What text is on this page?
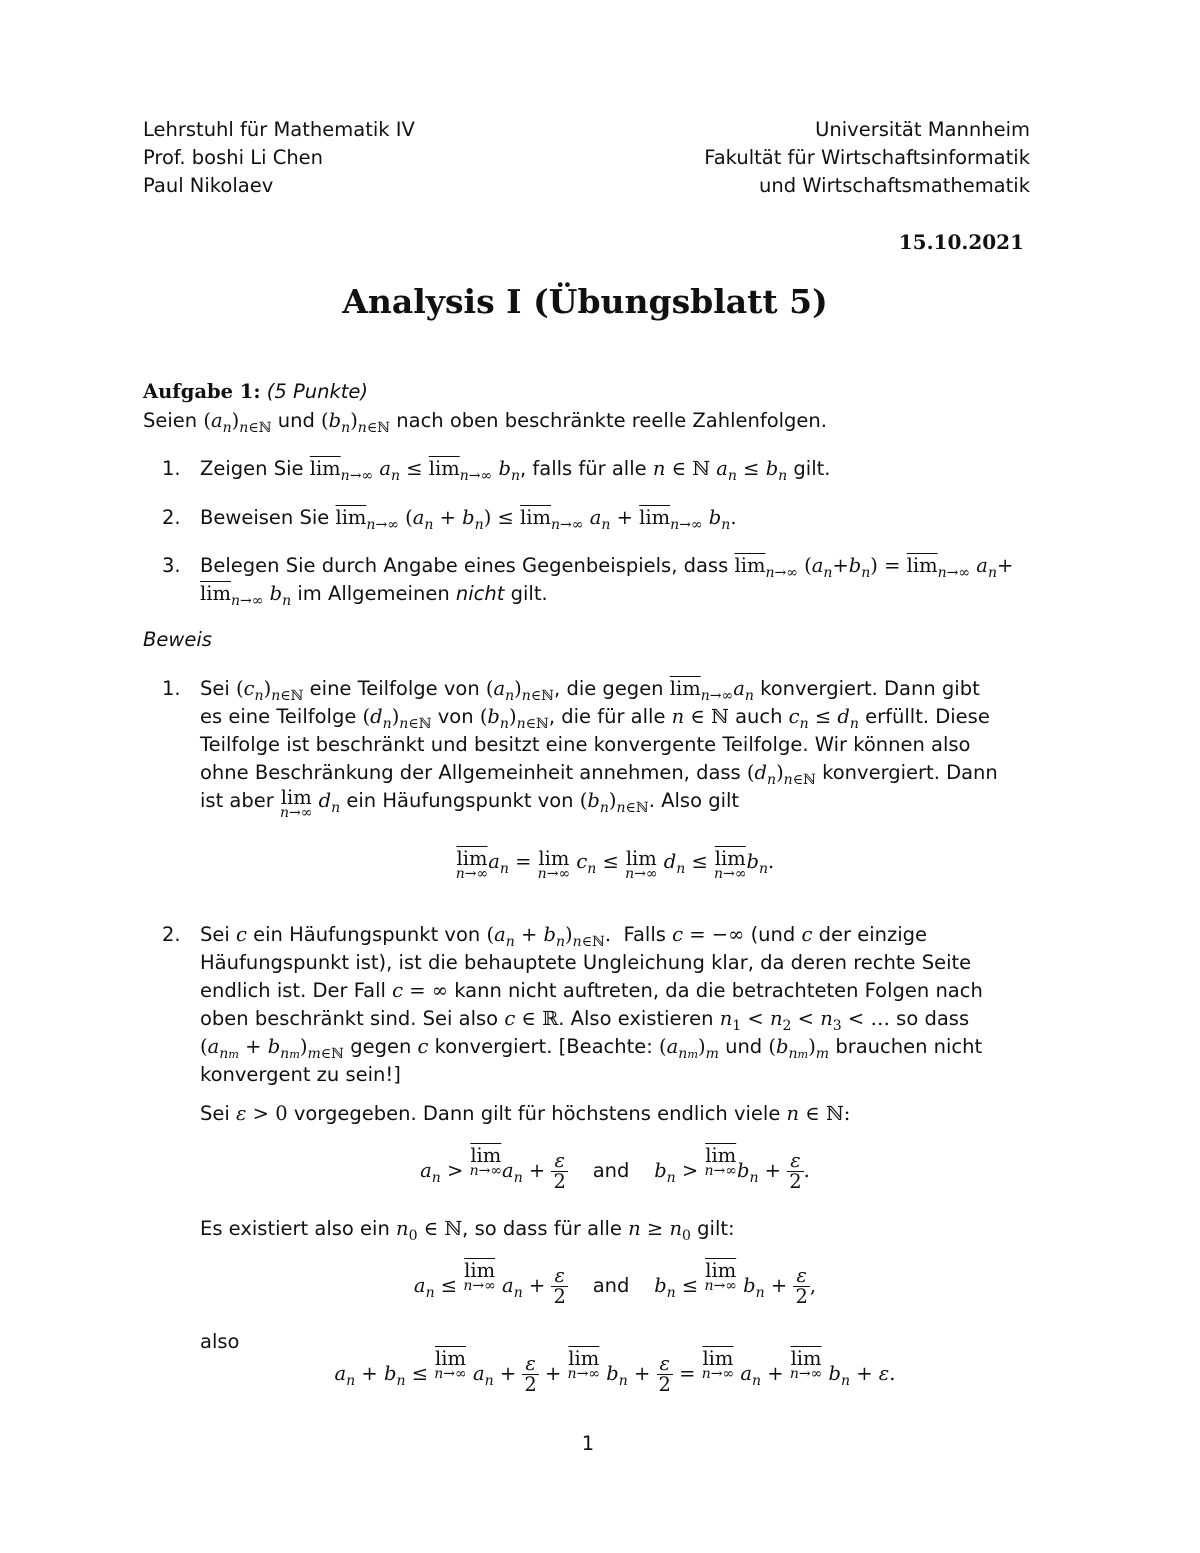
Lehrstuhl für Mathematik IV
Prof. boshi Li Chen
Paul Nikolaev
Universität Mannheim
Fakultät für Wirtschaftsinformatik
und Wirtschaftsmathematik
15.10.2021
Analysis I (Übungsblatt 5)
Aufgabe 1: (5 Punkte)
Seien $(a_n)_{n\in ℕ}$ und $(b_n)_{n\in ℕ}$ nach oben beschränkte reelle Zahlenfolgen.
1. Zeigen Sie $\overline{lim}_{n\to\infty}$ $a_n \le \overline{lim}_{n\to\infty}$ $b_n$, falls für alle n ∈ ℕ $a_n \le b_n$ gilt.
2. Beweisen Sie $\overline{lim}_{n\to\infty}$ $(a_n + b_n) \le \overline{lim}_{n\to\infty}$ $a_n + \overline{lim}_{n\to\infty}$ $b_n$.
3. Belegen Sie durch Angabe eines Gegenbeispiels, dass $\overline{lim}_{n\to\infty}$ $(a_n+b_n) = \overline{lim}_{n\to\infty}$ $a_n+$
$\overline{lim}_{n\to\infty}$ $b_n$ im Allgemeinen nicht gilt.
Beweis
1. Sei $(c_n)_{n\in ℕ}$ eine Teilfolge von $(a_n)_{n\in ℕ}$, die gegen $\overline{lim}_{n\to\infty}a_n$ konvergiert. Dann gibt
es eine Teilfolge $(d_n)_{n\in ℕ}$ von $(b_n)_{n\in ℕ}$, die für alle n ∈ ℕ auch $c_n \le d_n$ erfüllt. Diese
Teilfolge ist beschränkt und besitzt eine konvergente Teilfolge. Wir können also
ohne Beschränkung der Allgemeinheit annehmen, dass $(d_n)_{n\in ℕ}$ konvergiert. Dann
ist aber lim
n→∞
$d_n$ ein Häufungspunkt von $(b_n)_{n\in ℕ}$. Also gilt
$\overline{lim}$
n→∞
$a_n = \lim$
n→∞
$c_n \le \lim$
n→∞
$d_n \le \overline{lim}$
n→∞
$b_n$.
2. Sei c ein Häufungspunkt von $(a_n + b_n)_{n\in ℕ}$. Falls c = −∞ (und c der einzige
Häufungspunkt ist), ist die behauptete Ungleichung klar, da deren rechte Seite
endlich ist. Der Fall c = ∞ kann nicht auftreten, da die betrachteten Folgen nach
oben beschränkt sind. Sei also c ∈ ℝ. Also existieren $n_1 < n_2 < n_3$ < … so dass
$(a_{nm} + b_{nm})_{m\in ℕ}$ gegen c konvergiert. [Beachte: $(a_{nm})_m$ und $(b_{nm})_m$ brauchen nicht
konvergent zu sein!]
Sei ε > 0 vorgegeben. Dann gilt für höchstens endlich viele n ∈ ℕ:
$a_n > \overline{lim}$
n→∞ $a_n + \frac{\varepsilon}{2}$ and $b_n > \overline{lim}$
n→∞ $b_n + \frac{\varepsilon}{2}$ .
Es existiert also ein $n_0$ ∈ ℕ, so dass für alle $n \ge n_0$ gilt:
$a_n \le \overline{lim}$
n→∞ $a_n + \frac{\varepsilon}{2}$ and $b_n \le \overline{lim}$
n→∞ $b_n + \frac{\varepsilon}{2}$ ,
also
$a_n + b_n \le \overline{lim}$
n→∞ $a_n + \frac{\varepsilon}{2} + \overline{lim}$
n→∞ $b_n + \frac{\varepsilon}{2} = \overline{lim}$
n→∞ $a_n + \overline{lim}$
n→∞ $b_n + \varepsilon$.
1
